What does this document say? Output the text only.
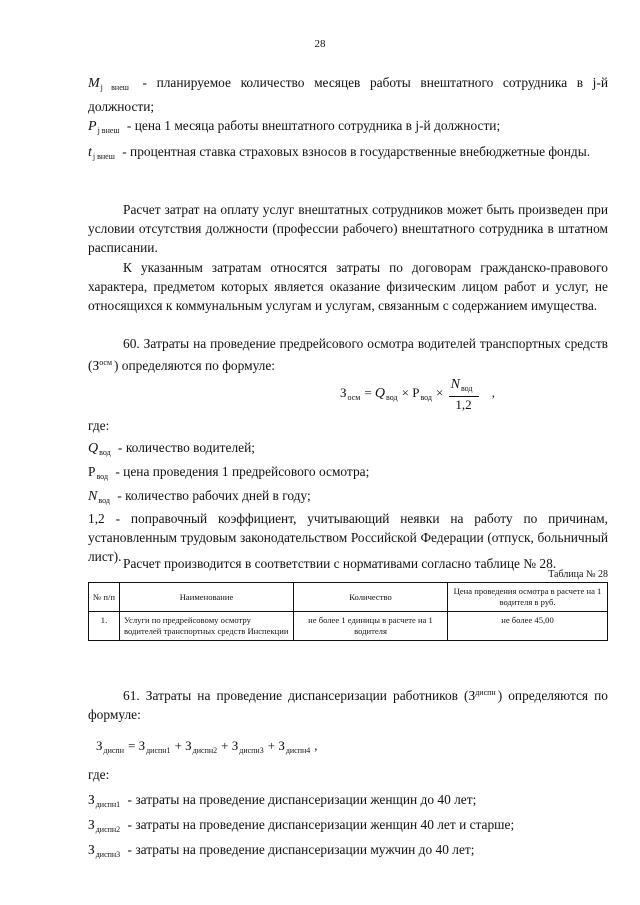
28
$M_{j внеш}$ - планируемое количество месяцев работы внештатного сотрудника в j-й должности;
$P_{j внеш}$ - цена 1 месяца работы внештатного сотрудника в j-й должности;
$t_{j внеш}$ - процентная ставка страховых взносов в государственные внебюджетные фонды.
Расчет затрат на оплату услуг внештатных сотрудников может быть произведен при условии отсутствия должности (профессии рабочего) внештатного сотрудника в штатном расписании.
К указанным затратам относятся затраты по договорам гражданско-правового характера, предметом которых является оказание физическим лицом работ и услуг, не относящихся к коммунальным услугам и услугам, связанным с содержанием имущества.
60. Затраты на проведение предрейсового осмотра водителей транспортных средств ($З^{осм}$ ) определяются по формуле:
$З_{осм} = Q_{вод} \times Р_{вод} \times \frac{N_{вод}}{1,2}$ ,
где:
$Q_{вод}$ - количество водителей;
$Р_{вод}$ - цена проведения 1 предрейсового осмотра;
$N_{вод}$ - количество рабочих дней в году;
1,2 - поправочный коэффициент, учитывающий неявки на работу по причинам, установленным трудовым законодательством Российской Федерации (отпуск, больничный лист). Расчет производится в соответствии с нормативами согласно таблице № 28.
Таблица № 28
№ п/п	Наименование	Количество	Цена проведения осмотра в расчете на 1 водителя в руб.
1.	Услуги по предрейсовому осмотру водителей транспортных средств Инспекции	не более 1 единицы в расчете на 1 водителя	не более 45,00
61. Затраты на проведение диспансеризации работников ($З^{диспн}$ ) определяются по формуле:
$З_{диспн} = З_{диспн1} + З_{диспн2} + З_{диспн3} + З_{диспн4}$ ,
где:
$З_{диспн1}$ - затраты на проведение диспансеризации женщин до 40 лет;
$З_{диспн2}$ - затраты на проведение диспансеризации женщин 40 лет и старше;
$З_{диспн3}$ - затраты на проведение диспансеризации мужчин до 40 лет;
